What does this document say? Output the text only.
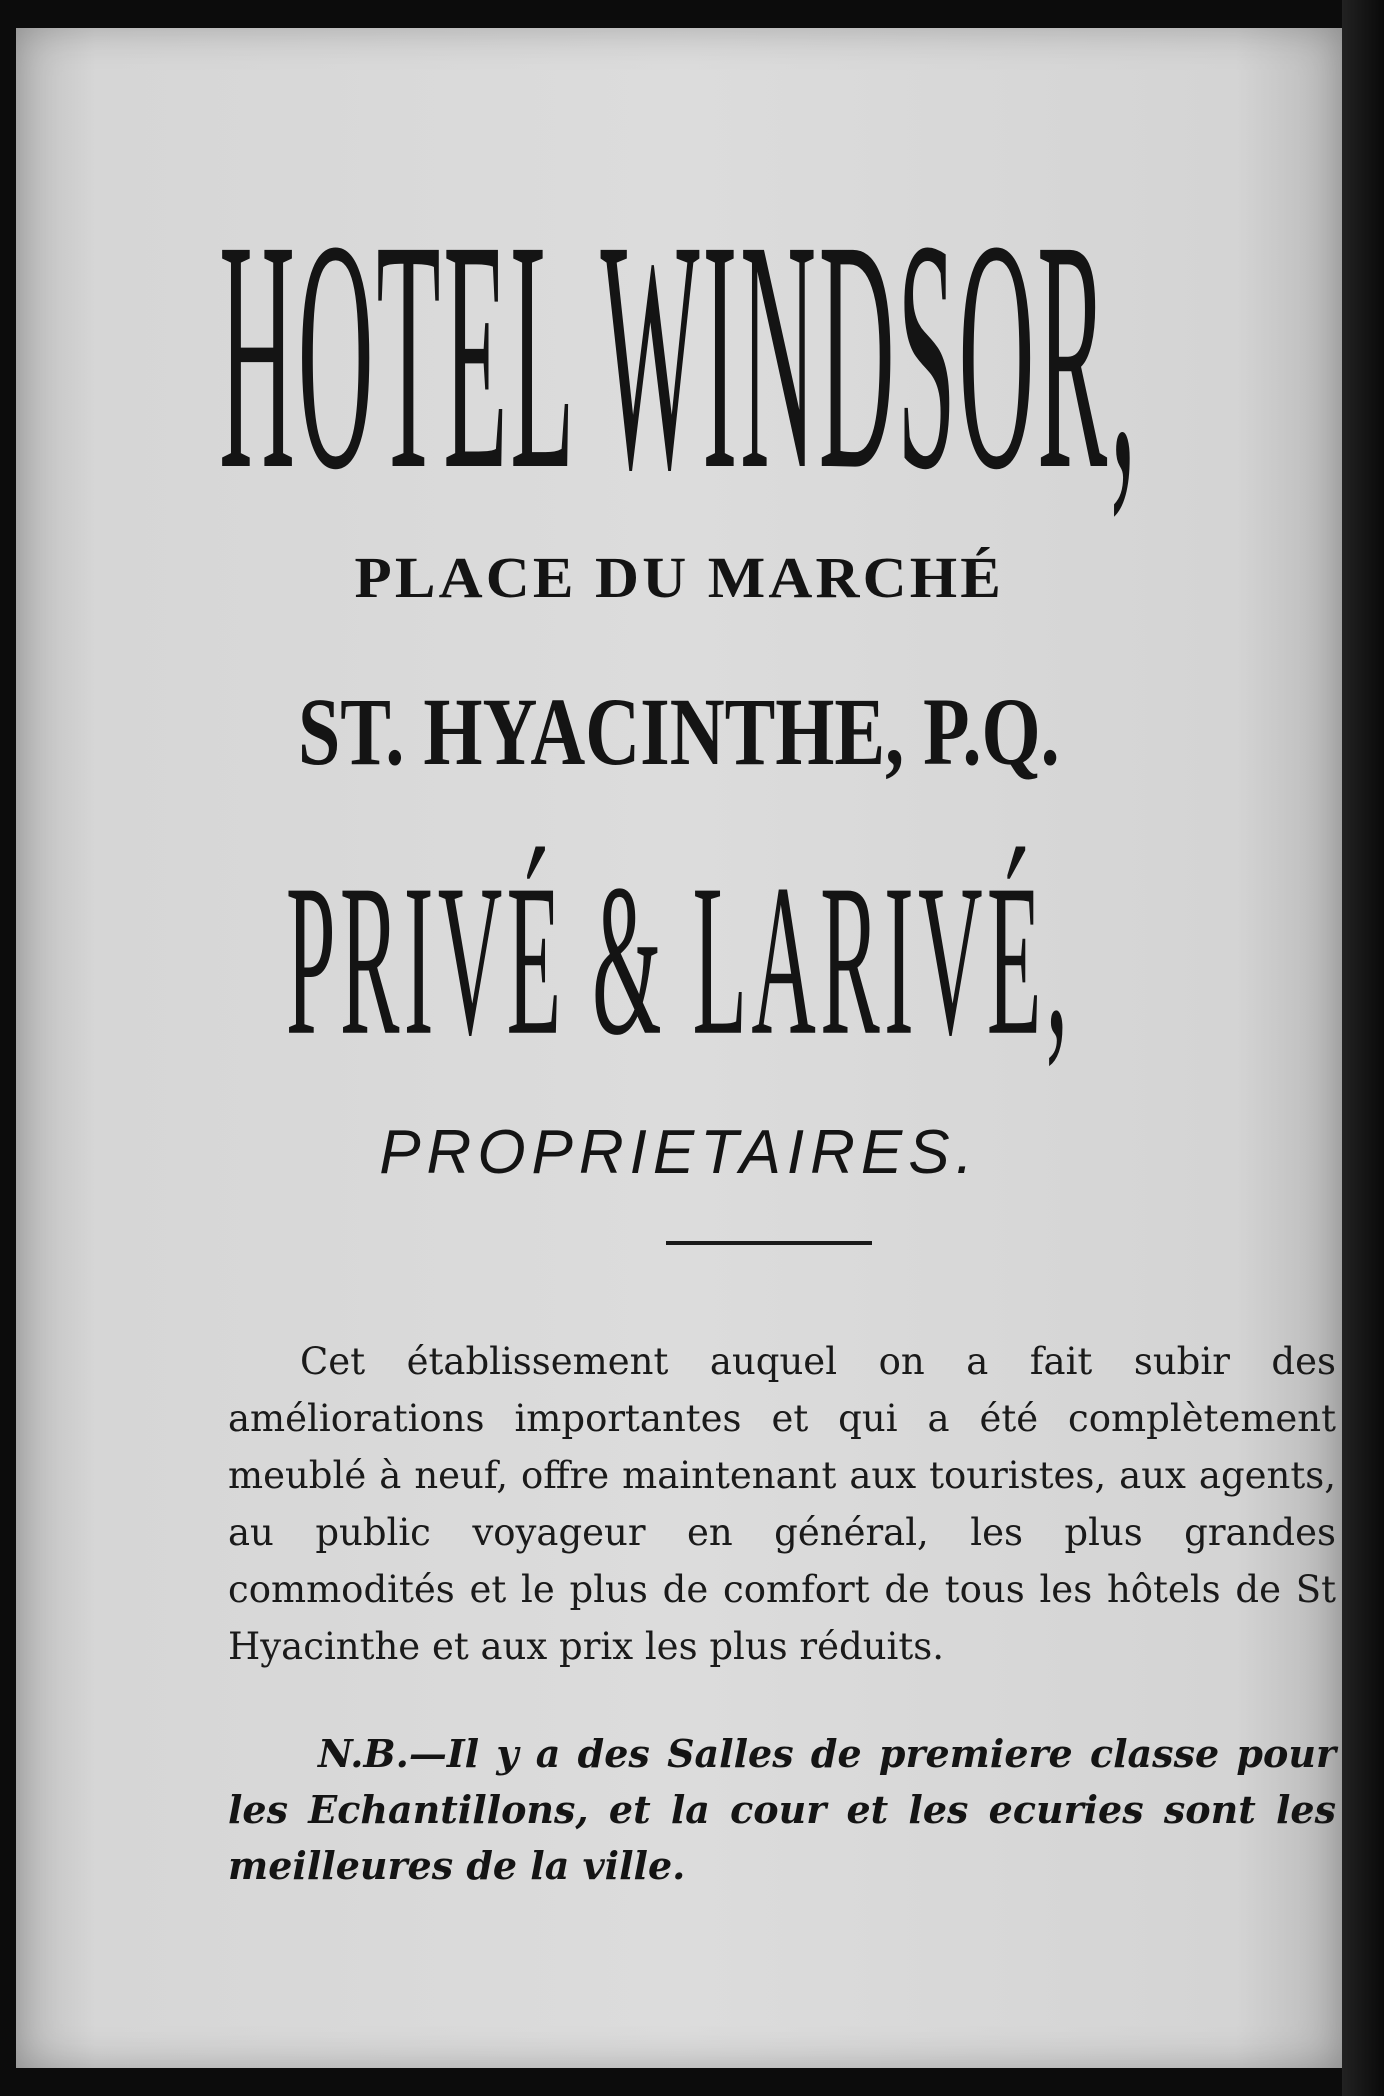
HOTEL WINDSOR,
PLACE DU MARCHÉ
ST. HYACINTHE, P.Q.
PRIVÉ & LARIVÉ,
PROPRIETAIRES.

Cet établissement auquel on a fait subir des améliorations importantes et qui a été complètement meublé à neuf, offre maintenant aux touristes, aux agents, au public voyageur en général, les plus grandes commodités et le plus de comfort de tous les hôtels de St Hyacinthe et aux prix les plus réduits.

N.B.—Il y a des Salles de premiere classe pour les Echantillons, et la cour et les ecuries sont les meilleures de la ville.
